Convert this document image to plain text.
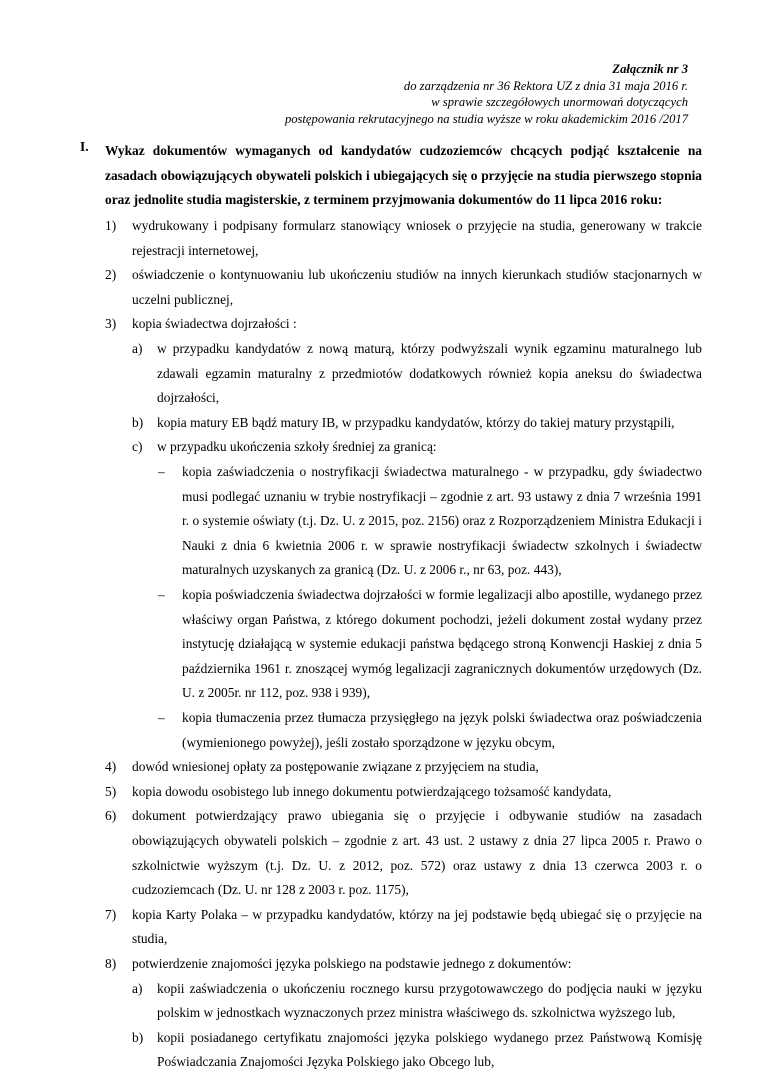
Załącznik nr 3
do zarządzenia nr 36 Rektora UZ z dnia 31 maja 2016 r.
w sprawie szczegółowych unormowań dotyczących
postępowania rekrutacyjnego na studia wyższe w roku akademickim 2016 /2017
I. Wykaz dokumentów wymaganych od kandydatów cudzoziemców chcących podjąć kształcenie na zasadach obowiązujących obywateli polskich i ubiegających się o przyjęcie na studia pierwszego stopnia oraz jednolite studia magisterskie, z terminem przyjmowania dokumentów do 11 lipca 2016 roku:
1) wydrukowany i podpisany formularz stanowiący wniosek o przyjęcie na studia, generowany w trakcie rejestracji internetowej,
2) oświadczenie o kontynuowaniu lub ukończeniu studiów na innych kierunkach studiów stacjonarnych w uczelni publicznej,
3) kopia świadectwa dojrzałości :
a) w przypadku kandydatów z nową maturą, którzy podwyższali wynik egzaminu maturalnego lub zdawali egzamin maturalny z przedmiotów dodatkowych również kopia aneksu do świadectwa dojrzałości,
b) kopia matury EB bądź matury IB, w przypadku kandydatów, którzy do takiej matury przystąpili,
c) w przypadku ukończenia szkoły średniej za granicą:
– kopia zaświadczenia o nostryfikacji świadectwa maturalnego - w przypadku, gdy świadectwo musi podlegać uznaniu w trybie nostryfikacji – zgodnie z art. 93 ustawy z dnia 7 września 1991 r. o systemie oświaty (t.j. Dz. U. z 2015, poz. 2156) oraz z Rozporządzeniem Ministra Edukacji i Nauki z dnia 6 kwietnia 2006 r. w sprawie nostryfikacji świadectw szkolnych i świadectw maturalnych uzyskanych za granicą (Dz. U. z 2006 r., nr 63, poz. 443),
– kopia poświadczenia świadectwa dojrzałości w formie legalizacji albo apostille, wydanego przez właściwy organ Państwa, z którego dokument pochodzi, jeżeli dokument został wydany przez instytucję działającą w systemie edukacji państwa będącego stroną Konwencji Haskiej z dnia 5 października 1961 r. znoszącej wymóg legalizacji zagranicznych dokumentów urzędowych (Dz. U. z 2005r. nr 112, poz. 938 i 939),
– kopia tłumaczenia przez tłumacza przysięgłego na język polski świadectwa oraz poświadczenia (wymienionego powyżej), jeśli zostało sporządzone w języku obcym,
4) dowód wniesionej opłaty za postępowanie związane z przyjęciem na studia,
5) kopia dowodu osobistego lub innego dokumentu potwierdzającego tożsamość kandydata,
6) dokument potwierdzający prawo ubiegania się o przyjęcie i odbywanie studiów na zasadach obowiązujących obywateli polskich – zgodnie z art. 43 ust. 2 ustawy z dnia 27 lipca 2005 r. Prawo o szkolnictwie wyższym (t.j. Dz. U. z 2012, poz. 572) oraz ustawy z dnia 13 czerwca 2003 r. o cudzoziemcach (Dz. U. nr 128 z 2003 r. poz. 1175),
7) kopia Karty Polaka – w przypadku kandydatów, którzy na jej podstawie będą ubiegać się o przyjęcie na studia,
8) potwierdzenie znajomości języka polskiego na podstawie jednego z dokumentów:
a) kopii zaświadczenia o ukończeniu rocznego kursu przygotowawczego do podjęcia nauki w języku polskim w jednostkach wyznaczonych przez ministra właściwego ds. szkolnictwa wyższego lub,
b) kopii posiadanego certyfikatu znajomości języka polskiego wydanego przez Państwową Komisję Poświadczania Znajomości Języka Polskiego jako Obcego lub,
